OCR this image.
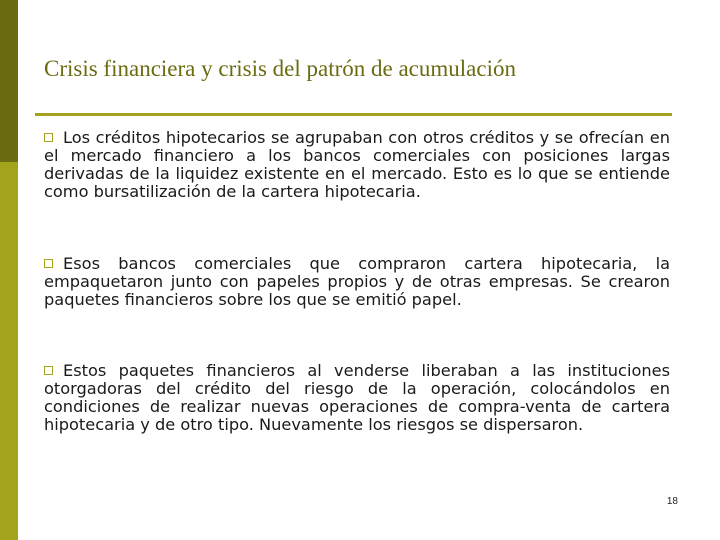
Crisis financiera y crisis del patrón de acumulación

Los créditos hipotecarios se agrupaban con otros créditos y se ofrecían en el mercado financiero a los bancos comerciales con posiciones largas derivadas de la liquidez existente en el mercado. Esto es lo que se entiende como bursatilización de la cartera hipotecaria.

Esos bancos comerciales que compraron cartera hipotecaria, la empaquetaron junto con papeles propios y de otras empresas. Se crearon paquetes financieros sobre los que se emitió papel.

Estos paquetes financieros al venderse liberaban a las instituciones otorgadoras del crédito del riesgo de la operación, colocándolos en condiciones de realizar nuevas operaciones de compra-venta de cartera hipotecaria y de otro tipo. Nuevamente los riesgos se dispersaron.

18
